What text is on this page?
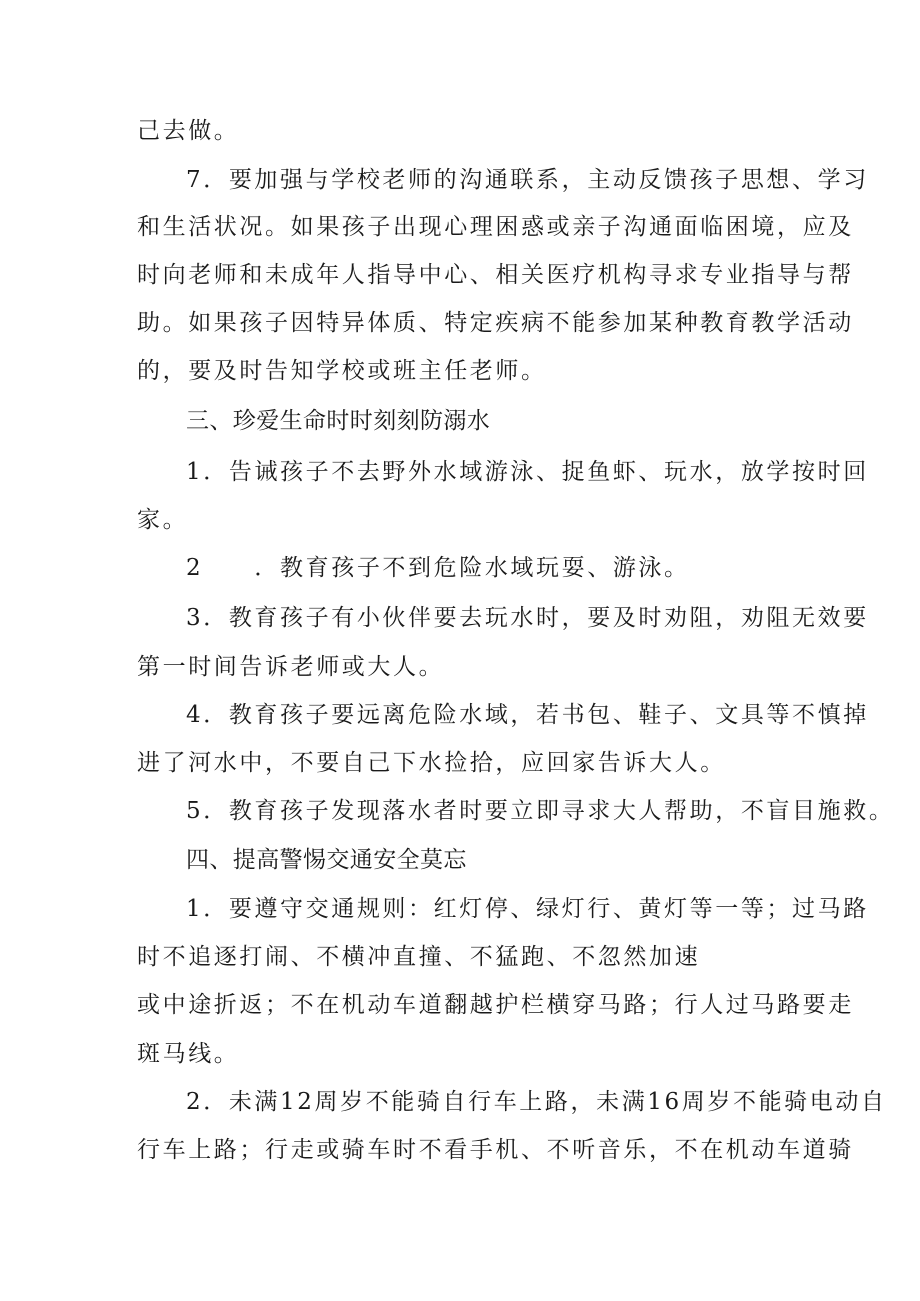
己去做。
7．要加强与学校老师的沟通联系，主动反馈孩子思想、学习
和生活状况。如果孩子出现心理困惑或亲子沟通面临困境，应及
时向老师和未成年人指导中心、相关医疗机构寻求专业指导与帮
助。如果孩子因特异体质、特定疾病不能参加某种教育教学活动
的，要及时告知学校或班主任老师。
三、珍爱生命时时刻刻防溺水
1．告诫孩子不去野外水域游泳、捉鱼虾、玩水，放学按时回
家。
2　　．教育孩子不到危险水域玩耍、游泳。
3．教育孩子有小伙伴要去玩水时，要及时劝阻，劝阻无效要
第一时间告诉老师或大人。
4．教育孩子要远离危险水域，若书包、鞋子、文具等不慎掉
进了河水中，不要自己下水捡拾，应回家告诉大人。
5．教育孩子发现落水者时要立即寻求大人帮助，不盲目施救。
四、提高警惕交通安全莫忘
1．要遵守交通规则：红灯停、绿灯行、黄灯等一等；过马路
时不追逐打闹、不横冲直撞、不猛跑、不忽然加速
或中途折返；不在机动车道翻越护栏横穿马路；行人过马路要走
斑马线。
2．未满12周岁不能骑自行车上路，未满16周岁不能骑电动自
行车上路；行走或骑车时不看手机、不听音乐，不在机动车道骑
